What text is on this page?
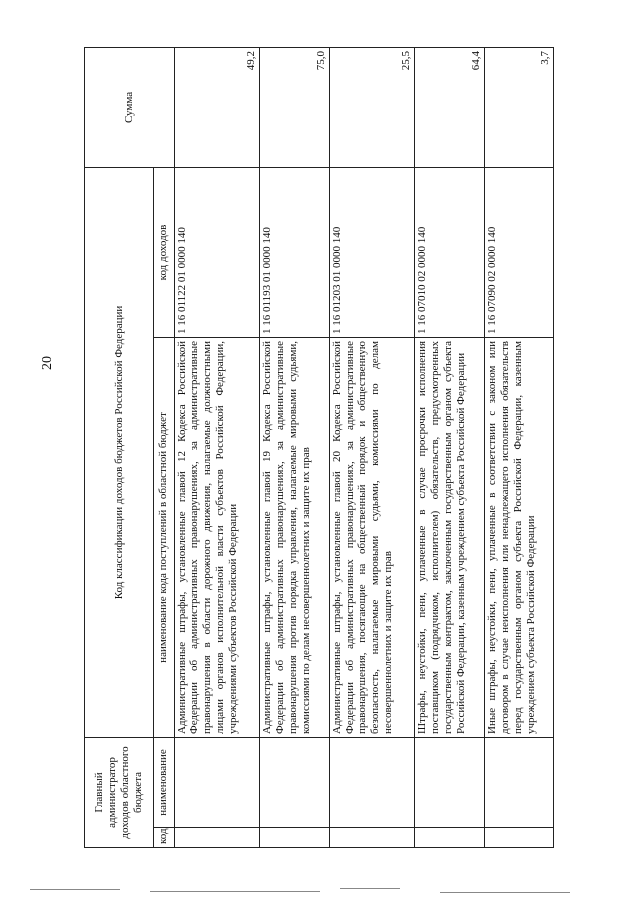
20
Главный администратор доходов областного бюджета		Код классификации доходов бюджетов Российской Федерации		Сумма
код	наименование	наименование кода поступлений в областной бюджет	код доходов	
		Административные штрафы, установленные главой 12 Кодекса Российской Федерации об административных правонарушениях, за административные правонарушения в области дорожного движения, налагаемые должностными лицами органов исполнительной власти субъектов Российской Федерации, учреждениями субъектов Российской Федерации	1 16 01122 01 0000 140	49,2
		Административные штрафы, установленные главой 19 Кодекса Российской Федерации об административных правонарушениях, за административные правонарушения против порядка управления, налагаемые мировыми судьями, комиссиями по делам несовершеннолетних и защите их прав	1 16 01193 01 0000 140	75,0
		Административные штрафы, установленные главой 20 Кодекса Российской Федерации об административных правонарушениях, за административные правонарушения, посягающие на общественный порядок и общественную безопасность, налагаемые мировыми судьями, комиссиями по делам несовершеннолетних и защите их прав	1 16 01203 01 0000 140	25,5
		Штрафы, неустойки, пени, уплаченные в случае просрочки исполнения поставщиком (подрядчиком, исполнителем) обязательств, предусмотренных государственным контрактом, заключенным государственным органом субъекта Российской Федерации, казенным учреждением субъекта Российской Федерации	1 16 07010 02 0000 140	64,4
		Иные штрафы, неустойки, пени, уплаченные в соответствии с законом или договором в случае неисполнения или ненадлежащего исполнения обязательств перед государственным органом субъекта Российской Федерации, казенным учреждением субъекта Российской Федерации	1 16 07090 02 0000 140	3,7
